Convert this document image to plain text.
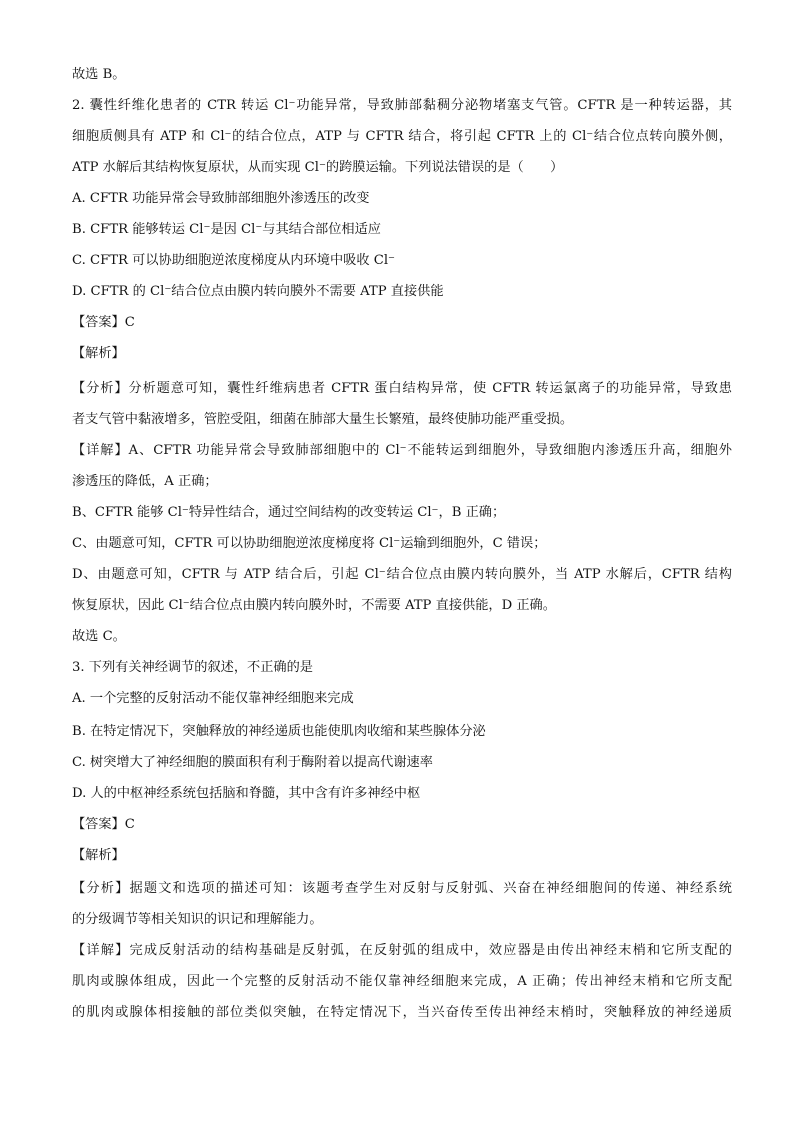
故选 B。
2. 囊性纤维化患者的 CTR 转运 Cl⁻功能异常，导致肺部黏稠分泌物堵塞支气管。CFTR 是一种转运器，其
细胞质侧具有 ATP 和 Cl⁻的结合位点，ATP 与 CFTR 结合，将引起 CFTR 上的 Cl⁻结合位点转向膜外侧，
ATP 水解后其结构恢复原状，从而实现 Cl⁻的跨膜运输。下列说法错误的是（　　）
A. CFTR 功能异常会导致肺部细胞外渗透压的改变
B. CFTR 能够转运 Cl⁻是因 Cl⁻与其结合部位相适应
C. CFTR 可以协助细胞逆浓度梯度从内环境中吸收 Cl⁻
D. CFTR 的 Cl⁻结合位点由膜内转向膜外不需要 ATP 直接供能
【答案】C
【解析】
【分析】分析题意可知，囊性纤维病患者 CFTR 蛋白结构异常，使 CFTR 转运氯离子的功能异常，导致患
者支气管中黏液增多，管腔受阻，细菌在肺部大量生长繁殖，最终使肺功能严重受损。
【详解】A、CFTR 功能异常会导致肺部细胞中的 Cl⁻不能转运到细胞外，导致细胞内渗透压升高，细胞外
渗透压的降低，A 正确；
B、CFTR 能够 Cl⁻特异性结合，通过空间结构的改变转运 Cl⁻，B 正确；
C、由题意可知，CFTR 可以协助细胞逆浓度梯度将 Cl⁻运输到细胞外，C 错误；
D、由题意可知，CFTR 与 ATP 结合后，引起 Cl⁻结合位点由膜内转向膜外，当 ATP 水解后，CFTR 结构
恢复原状，因此 Cl⁻结合位点由膜内转向膜外时，不需要 ATP 直接供能，D 正确。
故选 C。
3. 下列有关神经调节的叙述，不正确的是
A. 一个完整的反射活动不能仅靠神经细胞来完成
B. 在特定情况下，突触释放的神经递质也能使肌肉收缩和某些腺体分泌
C. 树突增大了神经细胞的膜面积有利于酶附着以提高代谢速率
D. 人的中枢神经系统包括脑和脊髓，其中含有许多神经中枢
【答案】C
【解析】
【分析】据题文和选项的描述可知：该题考查学生对反射与反射弧、兴奋在神经细胞间的传递、神经系统
的分级调节等相关知识的识记和理解能力。
【详解】完成反射活动的结构基础是反射弧，在反射弧的组成中，效应器是由传出神经末梢和它所支配的
肌肉或腺体组成，因此一个完整的反射活动不能仅靠神经细胞来完成，A 正确；传出神经末梢和它所支配
的肌肉或腺体相接触的部位类似突触，在特定情况下，当兴奋传至传出神经末梢时，突触释放的神经递质
